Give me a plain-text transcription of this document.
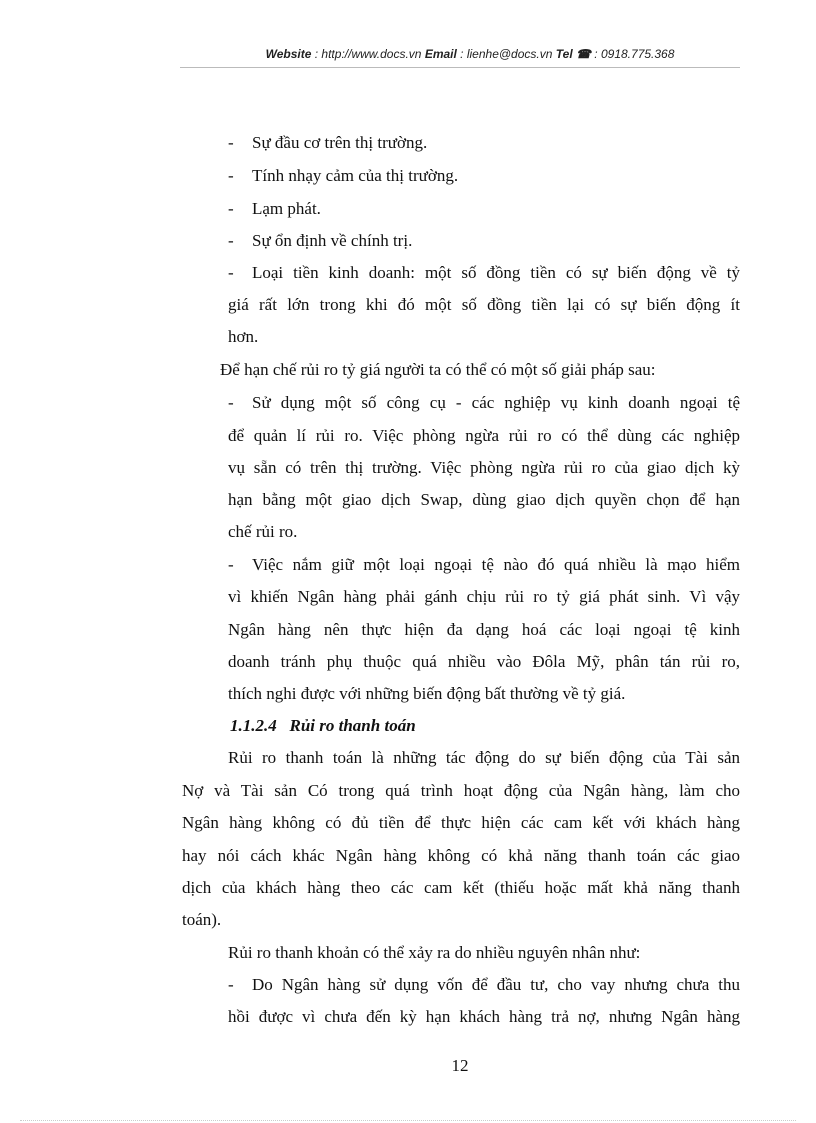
Website : http://www.docs.vn Email : lienhe@docs.vn Tel ☎ : 0918.775.368
- Sự đầu cơ trên thị trường.
- Tính nhạy cảm của thị trường.
- Lạm phát.
- Sự ổn định về chính trị.
- Loại tiền kinh doanh: một số đồng tiền có sự biến động về tỷ
giá rất lớn trong khi đó một số đồng tiền lại có sự biến động ít
hơn.
Để hạn chế rủi ro tỷ giá người ta có thể có một số giải pháp sau:
- Sử dụng một số công cụ - các nghiệp vụ kinh doanh ngoại tệ
để quản lí rủi ro. Việc phòng ngừa rủi ro có thể dùng các nghiệp
vụ sẵn có trên thị trường. Việc phòng ngừa rủi ro của giao dịch kỳ
hạn bằng một giao dịch Swap, dùng giao dịch quyền chọn để hạn
chế rủi ro.
- Việc nắm giữ một loại ngoại tệ nào đó quá nhiều là mạo hiểm
vì khiến Ngân hàng phải gánh chịu rủi ro tỷ giá phát sinh. Vì vậy
Ngân hàng nên thực hiện đa dạng hoá các loại ngoại tệ kinh
doanh tránh phụ thuộc quá nhiều vào Đôla Mỹ, phân tán rủi ro,
thích nghi được với những biến động bất thường về tỷ giá.
1.1.2.4 Rủi ro thanh toán
Rủi ro thanh toán là những tác động do sự biến động của Tài sản
Nợ và Tài sản Có trong quá trình hoạt động của Ngân hàng, làm cho
Ngân hàng không có đủ tiền để thực hiện các cam kết với khách hàng
hay nói cách khác Ngân hàng không có khả năng thanh toán các giao
dịch của khách hàng theo các cam kết (thiếu hoặc mất khả năng thanh
toán).
Rủi ro thanh khoản có thể xảy ra do nhiều nguyên nhân như:
- Do Ngân hàng sử dụng vốn để đầu tư, cho vay nhưng chưa thu
hồi được vì chưa đến kỳ hạn khách hàng trả nợ, nhưng Ngân hàng
12
